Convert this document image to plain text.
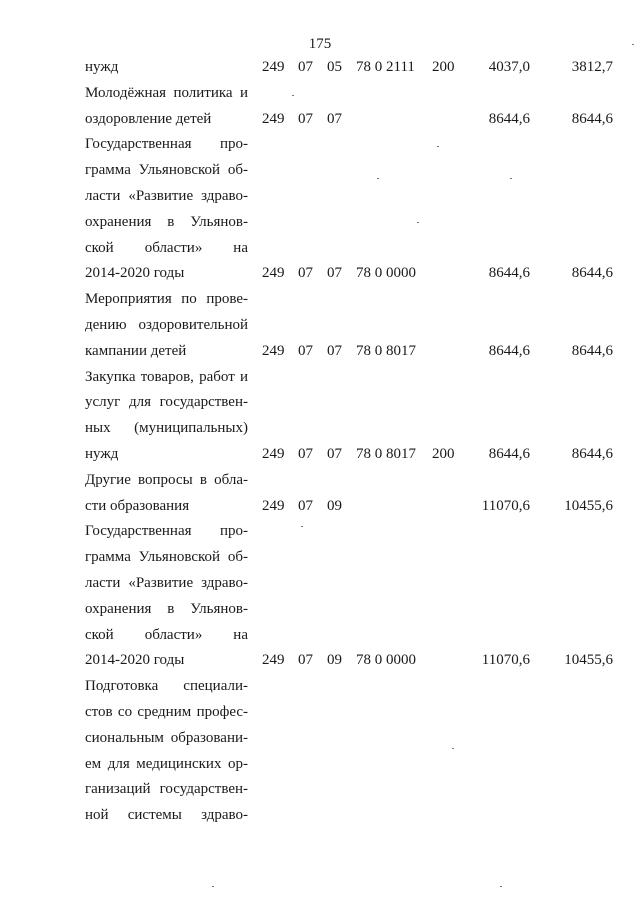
175
нужд	249 07 05 78 0 2111 200 4037,0	3812,7
Молодёжная политика и
оздоровление детей	249 07 07	8644,6	8644,6
Государственная про-
грамма Ульяновской об-
ласти «Развитие здраво-
охранения в Ульянов-
ской области» на
2014-2020 годы	249 07 07 78 0 0000	8644,6	8644,6
Мероприятия по прове-
дению оздоровительной
кампании детей	249 07 07 78 0 8017	8644,6	8644,6
Закупка товаров, работ и
услуг для государствен-
ных (муниципальных)
нужд	249 07 07 78 0 8017 200 8644,6	8644,6
Другие вопросы в обла-
сти образования	249 07 09	11070,6 10455,6
Государственная про-
грамма Ульяновской об-
ласти «Развитие здраво-
охранения в Ульянов-
ской области» на
2014-2020 годы	249 07 09 78 0 0000	11070,6 10455,6
Подготовка специали-
стов со средним профес-
сиональным образовани-
ем для медицинских ор-
ганизаций государствен-
ной системы здраво-
